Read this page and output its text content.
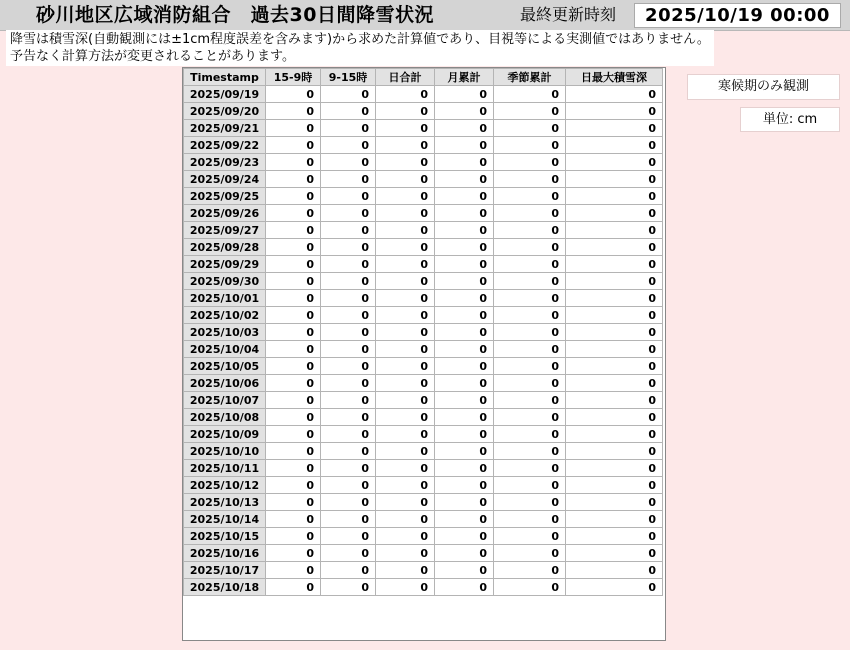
砂川地区広域消防組合　過去30日間降雪状況	最終更新時刻	2025/10/19 00:00
降雪は積雪深(自動観測には±1cm程度誤差を含みます)から求めた計算値であり、目視等による実測値ではありません。
予告なく計算方法が変更されることがあります。
寒候期のみ観測
単位: cm
Timestamp	15-9時	9-15時	日合計	月累計	季節累計	日最大積雪深
2025/09/19	0	0	0	0	0	0
2025/09/20	0	0	0	0	0	0
2025/09/21	0	0	0	0	0	0
2025/09/22	0	0	0	0	0	0
2025/09/23	0	0	0	0	0	0
2025/09/24	0	0	0	0	0	0
2025/09/25	0	0	0	0	0	0
2025/09/26	0	0	0	0	0	0
2025/09/27	0	0	0	0	0	0
2025/09/28	0	0	0	0	0	0
2025/09/29	0	0	0	0	0	0
2025/09/30	0	0	0	0	0	0
2025/10/01	0	0	0	0	0	0
2025/10/02	0	0	0	0	0	0
2025/10/03	0	0	0	0	0	0
2025/10/04	0	0	0	0	0	0
2025/10/05	0	0	0	0	0	0
2025/10/06	0	0	0	0	0	0
2025/10/07	0	0	0	0	0	0
2025/10/08	0	0	0	0	0	0
2025/10/09	0	0	0	0	0	0
2025/10/10	0	0	0	0	0	0
2025/10/11	0	0	0	0	0	0
2025/10/12	0	0	0	0	0	0
2025/10/13	0	0	0	0	0	0
2025/10/14	0	0	0	0	0	0
2025/10/15	0	0	0	0	0	0
2025/10/16	0	0	0	0	0	0
2025/10/17	0	0	0	0	0	0
2025/10/18	0	0	0	0	0	0
